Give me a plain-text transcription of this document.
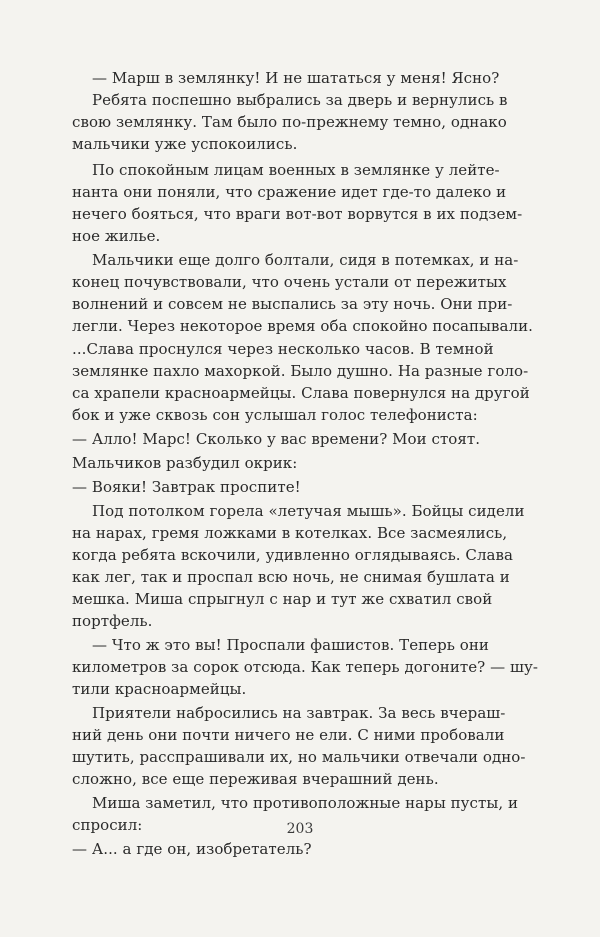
— Марш в землянку! И не шататься у меня! Ясно?
Ребята поспешно выбрались за дверь и вернулись в
свою землянку. Там было по-прежнему темно, однако
мальчики уже успокоились.
По спокойным лицам военных в землянке у лейте-
нанта они поняли, что сражение идет где-то далеко и
нечего бояться, что враги вот-вот ворвутся в их подзем-
ное жилье.
Мальчики еще долго болтали, сидя в потемках, и на-
конец почувствовали, что очень устали от пережитых
волнений и совсем не выспались за эту ночь. Они при-
легли. Через некоторое время оба спокойно посапывали.
...Слава проснулся через несколько часов. В темной
землянке пахло махоркой. Было душно. На разные голо-
са храпели красноармейцы. Слава повернулся на другой
бок и уже сквозь сон услышал голос телефониста:
— Алло! Марс! Сколько у вас времени? Мои стоят.
Мальчиков разбудил окрик:
— Вояки! Завтрак проспите!
Под потолком горела «летучая мышь». Бойцы сидели
на нарах, гремя ложками в котелках. Все засмеялись,
когда ребята вскочили, удивленно оглядываясь. Слава
как лег, так и проспал всю ночь, не снимая бушлата и
мешка. Миша спрыгнул с нар и тут же схватил свой
портфель.
— Что ж это вы! Проспали фашистов. Теперь они
километров за сорок отсюда. Как теперь догоните? — шу-
тили красноармейцы.
Приятели набросились на завтрак. За весь вчераш-
ний день они почти ничего не ели. С ними пробовали
шутить, расспрашивали их, но мальчики отвечали одно-
сложно, все еще переживая вчерашний день.
Миша заметил, что противоположные нары пусты, и
спросил:
— А... а где он, изобретатель?
203
